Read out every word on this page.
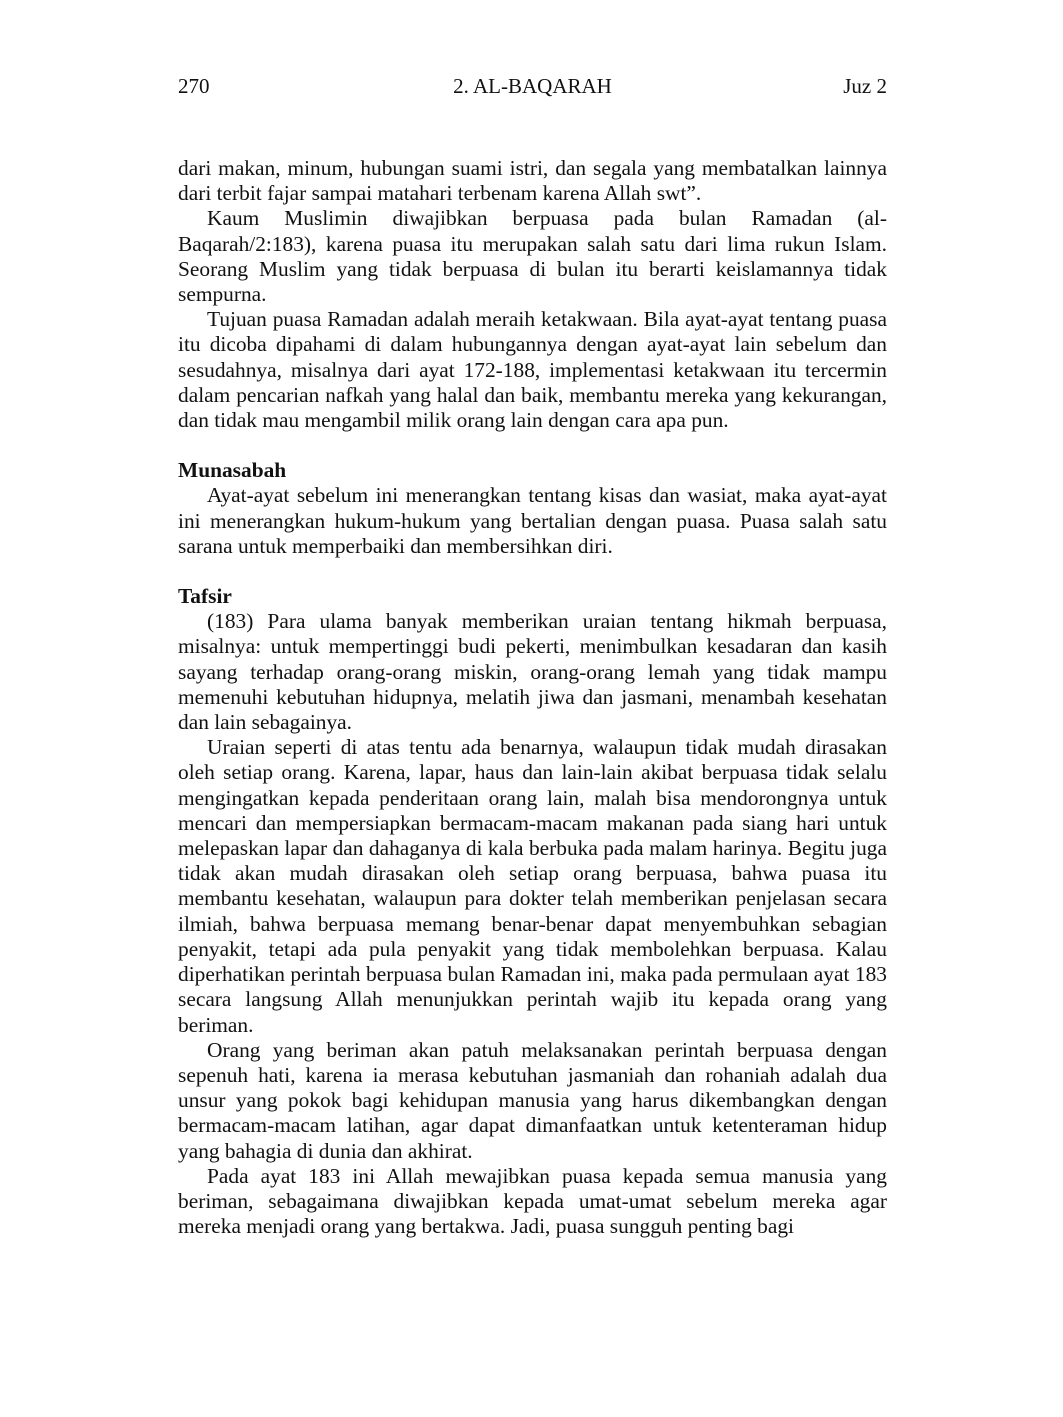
270	2. AL-BAQARAH	Juz 2

dari makan, minum, hubungan suami istri, dan segala yang membatalkan lainnya dari terbit fajar sampai matahari terbenam karena Allah swt”.

Kaum Muslimin diwajibkan berpuasa pada bulan Ramadan (al-Baqarah/2:183), karena puasa itu merupakan salah satu dari lima rukun Islam. Seorang Muslim yang tidak berpuasa di bulan itu berarti keislamannya tidak sempurna.

Tujuan puasa Ramadan adalah meraih ketakwaan. Bila ayat-ayat tentang puasa itu dicoba dipahami di dalam hubungannya dengan ayat-ayat lain sebelum dan sesudahnya, misalnya dari ayat 172-188, implementasi ketakwaan itu tercermin dalam pencarian nafkah yang halal dan baik, membantu mereka yang kekurangan, dan tidak mau mengambil milik orang lain dengan cara apa pun.

Munasabah

Ayat-ayat sebelum ini menerangkan tentang kisas dan wasiat, maka ayat-ayat ini menerangkan hukum-hukum yang bertalian dengan puasa. Puasa salah satu sarana untuk memperbaiki dan membersihkan diri.

Tafsir

(183) Para ulama banyak memberikan uraian tentang hikmah berpuasa, misalnya: untuk mempertinggi budi pekerti, menimbulkan kesadaran dan kasih sayang terhadap orang-orang miskin, orang-orang lemah yang tidak mampu memenuhi kebutuhan hidupnya, melatih jiwa dan jasmani, menambah kesehatan dan lain sebagainya.

Uraian seperti di atas tentu ada benarnya, walaupun tidak mudah dirasakan oleh setiap orang. Karena, lapar, haus dan lain-lain akibat berpuasa tidak selalu mengingatkan kepada penderitaan orang lain, malah bisa mendorongnya untuk mencari dan mempersiapkan bermacam-macam makanan pada siang hari untuk melepaskan lapar dan dahaganya di kala berbuka pada malam harinya. Begitu juga tidak akan mudah dirasakan oleh setiap orang berpuasa, bahwa puasa itu membantu kesehatan, walaupun para dokter telah memberikan penjelasan secara ilmiah, bahwa berpuasa memang benar-benar dapat menyembuhkan sebagian penyakit, tetapi ada pula penyakit yang tidak membolehkan berpuasa. Kalau diperhatikan perintah berpuasa bulan Ramadan ini, maka pada permulaan ayat 183 secara langsung Allah menunjukkan perintah wajib itu kepada orang yang beriman.

Orang yang beriman akan patuh melaksanakan perintah berpuasa dengan sepenuh hati, karena ia merasa kebutuhan jasmaniah dan rohaniah adalah dua unsur yang pokok bagi kehidupan manusia yang harus dikembangkan dengan bermacam-macam latihan, agar dapat dimanfaatkan untuk ketenteraman hidup yang bahagia di dunia dan akhirat.

Pada ayat 183 ini Allah mewajibkan puasa kepada semua manusia yang beriman, sebagaimana diwajibkan kepada umat-umat sebelum mereka agar mereka menjadi orang yang bertakwa. Jadi, puasa sungguh penting bagi
